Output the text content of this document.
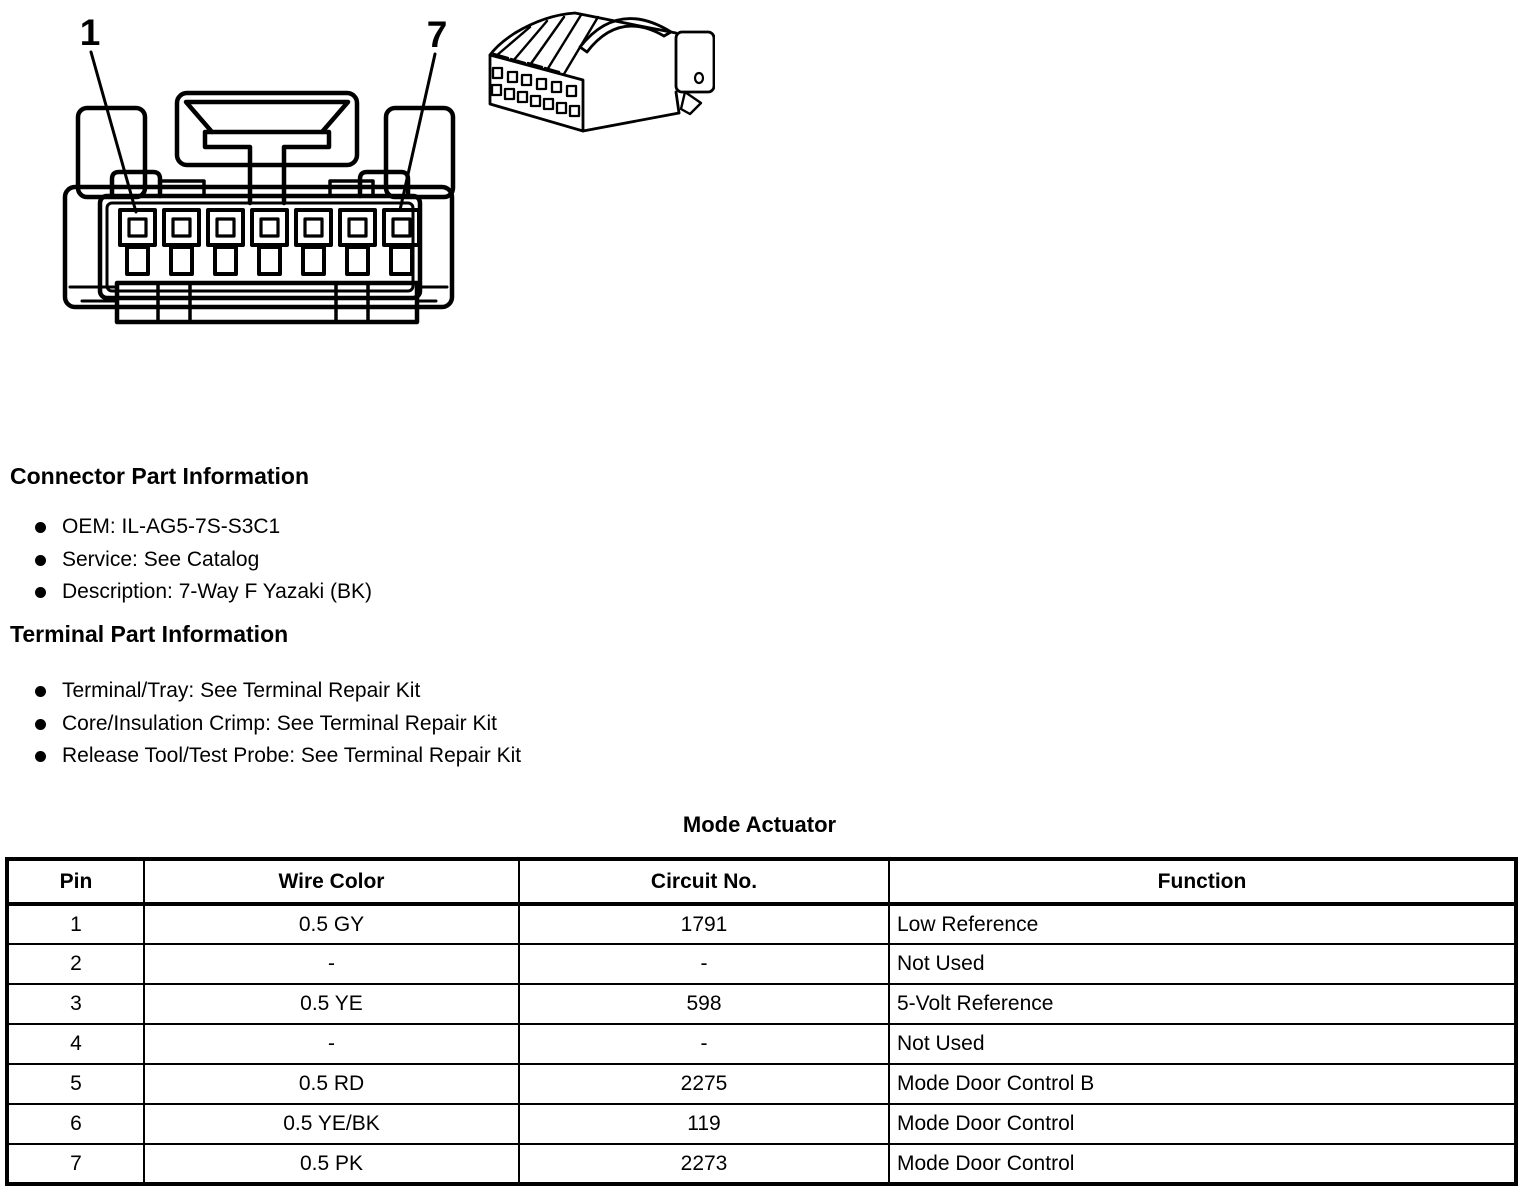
1	7
Connector Part Information
OEM: IL-AG5-7S-S3C1
Service: See Catalog
Description: 7-Way F Yazaki (BK)
Terminal Part Information
Terminal/Tray: See Terminal Repair Kit
Core/Insulation Crimp: See Terminal Repair Kit
Release Tool/Test Probe: See Terminal Repair Kit
Mode Actuator
Pin	Wire Color	Circuit No.	Function
1	0.5 GY	1791	Low Reference
2	-	-	Not Used
3	0.5 YE	598	5-Volt Reference
4	-	-	Not Used
5	0.5 RD	2275	Mode Door Control B
6	0.5 YE/BK	119	Mode Door Control
7	0.5 PK	2273	Mode Door Control
